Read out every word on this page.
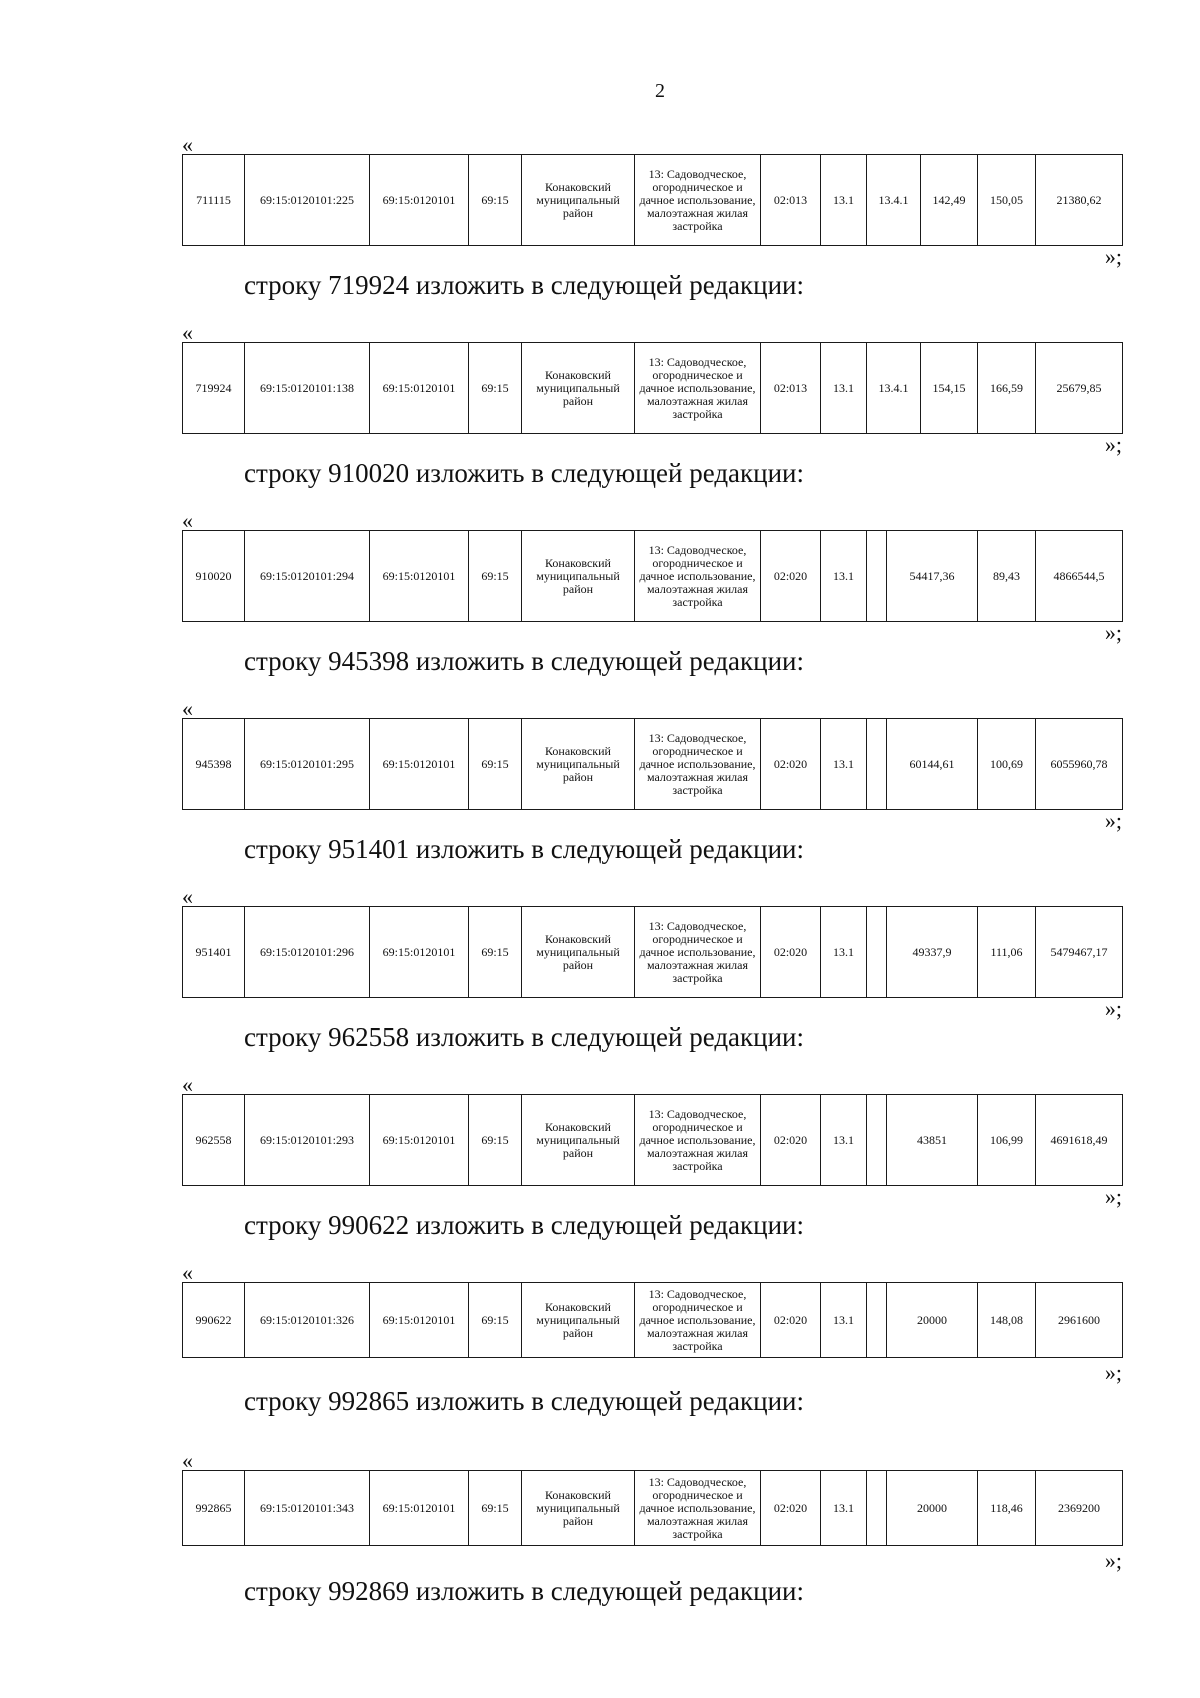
2
«
711115	69:15:0120101:225	69:15:0120101	69:15	Конаковский муниципальный район	13: Садоводческое, огородническое и дачное использование, малоэтажная жилая застройка	02:013	13.1	13.4.1	142,49	150,05	21380,62
»;
строку 719924 изложить в следующей редакции:
«
719924	69:15:0120101:138	69:15:0120101	69:15	Конаковский муниципальный район	13: Садоводческое, огородническое и дачное использование, малоэтажная жилая застройка	02:013	13.1	13.4.1	154,15	166,59	25679,85
»;
строку 910020 изложить в следующей редакции:
«
910020	69:15:0120101:294	69:15:0120101	69:15	Конаковский муниципальный район	13: Садоводческое, огородническое и дачное использование, малоэтажная жилая застройка	02:020	13.1		54417,36	89,43	4866544,5
»;
строку 945398 изложить в следующей редакции:
«
945398	69:15:0120101:295	69:15:0120101	69:15	Конаковский муниципальный район	13: Садоводческое, огородническое и дачное использование, малоэтажная жилая застройка	02:020	13.1		60144,61	100,69	6055960,78
»;
строку 951401 изложить в следующей редакции:
«
951401	69:15:0120101:296	69:15:0120101	69:15	Конаковский муниципальный район	13: Садоводческое, огородническое и дачное использование, малоэтажная жилая застройка	02:020	13.1		49337,9	111,06	5479467,17
»;
строку 962558 изложить в следующей редакции:
«
962558	69:15:0120101:293	69:15:0120101	69:15	Конаковский муниципальный район	13: Садоводческое, огородническое и дачное использование, малоэтажная жилая застройка	02:020	13.1		43851	106,99	4691618,49
»;
строку 990622 изложить в следующей редакции:
«
990622	69:15:0120101:326	69:15:0120101	69:15	Конаковский муниципальный район	13: Садоводческое, огородническое и дачное использование, малоэтажная жилая застройка	02:020	13.1		20000	148,08	2961600
»;
строку 992865 изложить в следующей редакции:
«
992865	69:15:0120101:343	69:15:0120101	69:15	Конаковский муниципальный район	13: Садоводческое, огородническое и дачное использование, малоэтажная жилая застройка	02:020	13.1		20000	118,46	2369200
»;
строку 992869 изложить в следующей редакции:
